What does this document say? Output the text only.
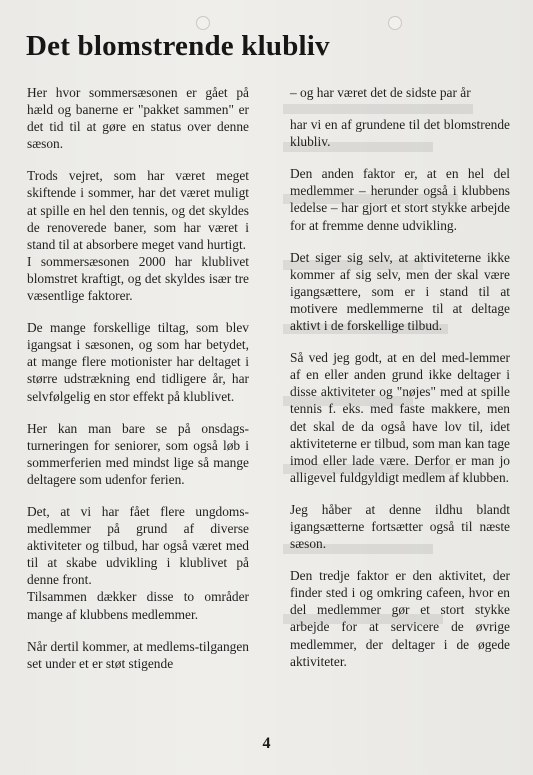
Det blomstrende klubliv

Her hvor sommersæsonen er gået på hæld og banerne er "pakket sammen" er det tid til at gøre en status over denne sæson.

Trods vejret, som har været meget skiftende i sommer, har det været muligt at spille en hel den tennis, og det skyldes de renoverede baner, som har været i stand til at absorbere meget vand hurtigt.

I sommersæsonen 2000 har klublivet blomstret kraftigt, og det skyldes især tre væsentlige faktorer.

De mange forskellige tiltag, som blev igangsat i sæsonen, og som har betydet, at mange flere motionister har deltaget i større udstrækning end tidligere år, har selvfølgelig en stor effekt på klublivet.

Her kan man bare se på onsdags-turneringen for seniorer, som også løb i sommerferien med mindst lige så mange deltagere som udenfor ferien.

Det, at vi har fået flere ungdoms-medlemmer på grund af diverse aktiviteter og tilbud, har også været med til at skabe udvikling i klublivet på denne front.

Tilsammen dækker disse to områder mange af klubbens medlemmer.

Når dertil kommer, at medlems-tilgangen set under et er støt stigende

– og har været det de sidste par år

har vi en af grundene til det blomstrende klubliv.

Den anden faktor er, at en hel del medlemmer – herunder også i klubbens ledelse – har gjort et stort stykke arbejde for at fremme denne udvikling.

Det siger sig selv, at aktiviteterne ikke kommer af sig selv, men der skal være igangsættere, som er i stand til at motivere medlemmerne til at deltage aktivt i de forskellige tilbud.

Så ved jeg godt, at en del med-lemmer af en eller anden grund ikke deltager i disse aktiviteter og "nøjes" med at spille tennis f. eks. med faste makkere, men det skal de da også have lov til, idet aktiviteterne er tilbud, som man kan tage imod eller lade være. Derfor er man jo alligevel fuldgyldigt medlem af klubben.

Jeg håber at denne ildhu blandt igangsætterne fortsætter også til næste sæson.

Den tredje faktor er den aktivitet, der finder sted i og omkring cafeen, hvor en del medlemmer gør et stort stykke arbejde for at servicere de øvrige medlemmer, der deltager i de øgede aktiviteter.

4
